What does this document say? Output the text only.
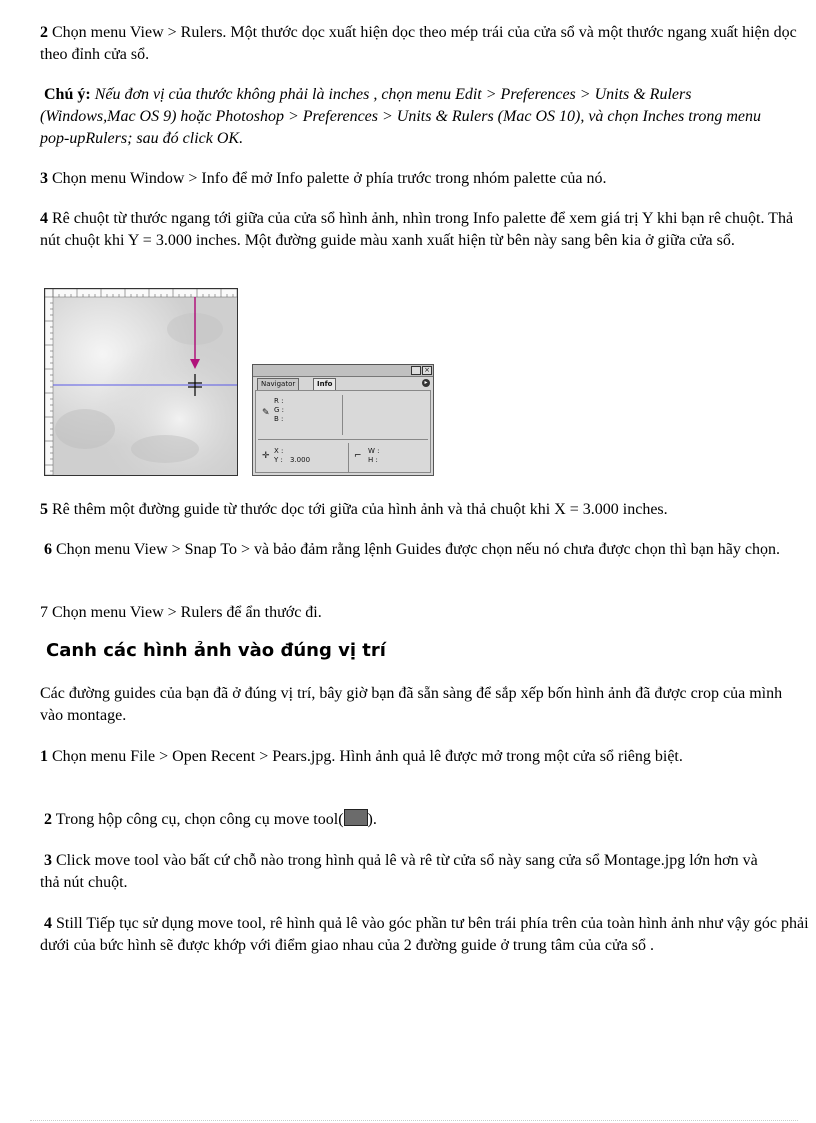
2 Chọn menu View > Rulers. Một thước dọc xuất hiện dọc theo mép trái của cửa sổ và một thước ngang xuất hiện dọc theo đỉnh cửa sổ.

Chú ý: Nếu đơn vị của thước không phải là inches , chọn menu Edit > Preferences > Units & Rulers (Windows,Mac OS 9) hoặc Photoshop > Preferences > Units & Rulers (Mac OS 10), và chọn Inches trong menu pop-upRulers; sau đó click OK.

3 Chọn menu Window > Info để mở Info palette ở phía trước trong nhóm palette của nó.

4 Rê chuột từ thước ngang tới giữa của cửa sổ hình ảnh, nhìn trong Info palette để xem giá trị Y khi bạn rê chuột. Thả nút chuột khi Y = 3.000 inches. Một đường guide màu xanh xuất hiện từ bên này sang bên kia ở giữa cửa sổ.

×
Navigator	Info	▸
✎
R :
G :
B :
✛ X :
Y : 3.000	⌐ W :
H :

5 Rê thêm một đường guide từ thước dọc tới giữa của hình ảnh và thả chuột khi X = 3.000 inches.

6 Chọn menu View > Snap To > và bảo đảm rằng lệnh Guides được chọn nếu nó chưa được chọn thì bạn hãy chọn.

7 Chọn menu View > Rulers để ẩn thước đi.

Canh các hình ảnh vào đúng vị trí

Các đường guides của bạn đã ở đúng vị trí, bây giờ bạn đã sẵn sàng để sắp xếp bốn hình ảnh đã được crop của mình vào montage.

1 Chọn menu File > Open Recent > Pears.jpg. Hình ảnh quả lê được mở trong một cửa sổ riêng biệt.

2 Trong hộp công cụ, chọn công cụ move tool( ).

3 Click move tool vào bất cứ chỗ nào trong hình quả lê và rê từ cửa sổ này sang cửa sổ Montage.jpg lớn hơn và thả nút chuột.

4 Still Tiếp tục sử dụng move tool, rê hình quả lê vào góc phần tư bên trái phía trên của toàn hình ảnh như vậy góc phải dưới của bức hình sẽ được khớp với điểm giao nhau của 2 đường guide ở trung tâm của cửa sổ .
